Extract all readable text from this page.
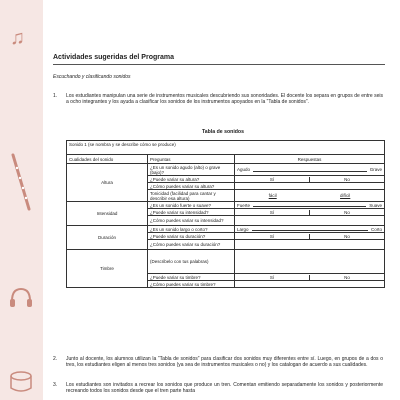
♫
Actividades sugeridas del Programa
Escuchando y clasificando sonidos
1. Los estudiantes manipulan una serie de instrumentos musicales descubriendo sus sonoridades. El docente los separa en grupos de entre seis a ocho integrantes y los ayuda a clasificar los sonidos de los instrumentos apoyados en la “Tabla de sonidos”.
Tabla de sonidos
Sonido 1 (se nombra y se describe cómo se produce)		
Cualidades del sonido	Preguntas	Respuestas
Altura	¿Es un sonido agudo (alto) o grave (bajo)?	Agudo Grave

	¿Puede variar su altura?	Sí No

	¿Cómo puedes variar su altura?	
	Tonicidad (facilidad para cantar y describir esa altura)	fácil difícil

Intensidad	¿Es un sonido fuerte o suave?	Fuerte Suave

	¿Puede variar su intensidad?	Sí No

	¿Cómo puedes variar su intensidad?	
Duración	¿Es un sonido largo o corto?	Largo Corto

	¿Puede variar su duración?	Sí No

	¿Cómo puedes variar su duración?	
Timbre	(Describelo con tus palabras)	
	¿Puede variar su timbre?	Sí No

	¿Cómo puedes variar su timbre?	
2. Junto al docente, los alumnos utilizan la “Tabla de sonidos” para clasificar dos sonidos muy diferentes entre sí. Luego, en grupos de a dos o tres, los estudiantes eligen al menos tres sonidos (ya sea de instrumentos musicales o no) y los catalogan de acuerdo a sus cualidades.
3. Los estudiantes son invitados a recrear los sonidos que produce un tren. Comentan emitiendo separadamente los sonidos y posteriormente recreando todos los sonidos desde que el tren parte hasta
